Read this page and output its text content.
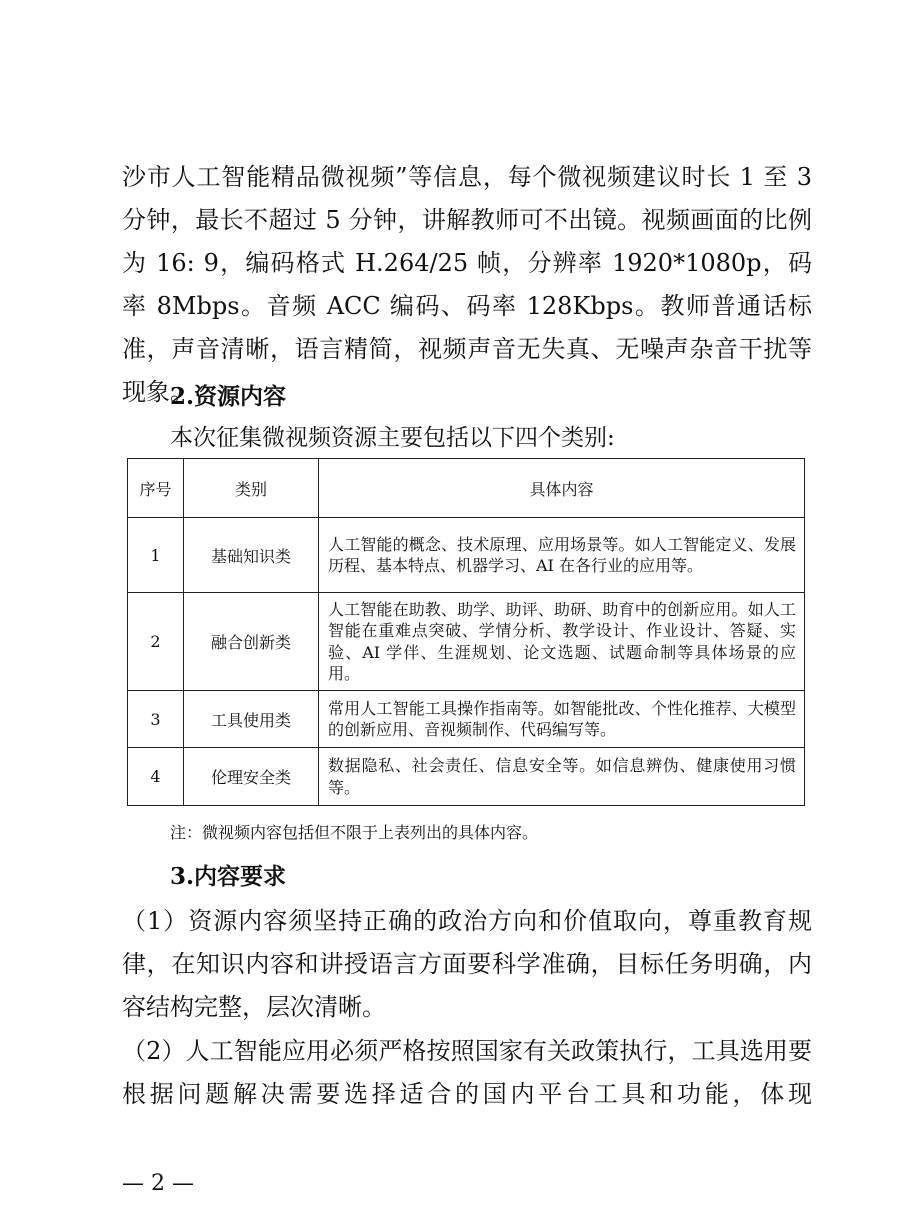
沙市人工智能精品微视频”等信息，每个微视频建议时长 1 至 3 分钟，最长不超过 5 分钟，讲解教师可不出镜。视频画面的比例为 16: 9，编码格式 H.264/25 帧，分辨率 1920*1080p，码率 8Mbps。音频 ACC 编码、码率 128Kbps。教师普通话标准，声音清晰，语言精简，视频声音无失真、无噪声杂音干扰等现象。

2.资源内容

本次征集微视频资源主要包括以下四个类别:

序号	类别	具体内容
1	基础知识类	人工智能的概念、技术原理、应用场景等。如人工智能定义、发展历程、基本特点、机器学习、AI 在各行业的应用等。
2	融合创新类	人工智能在助教、助学、助评、助研、助育中的创新应用。如人工智能在重难点突破、学情分析、教学设计、作业设计、答疑、实验、AI 学伴、生涯规划、论文选题、试题命制等具体场景的应用。
3	工具使用类	常用人工智能工具操作指南等。如智能批改、个性化推荐、大模型的创新应用、音视频制作、代码编写等。
4	伦理安全类	数据隐私、社会责任、信息安全等。如信息辨伪、健康使用习惯等。

注：微视频内容包括但不限于上表列出的具体内容。

3.内容要求

（1）资源内容须坚持正确的政治方向和价值取向，尊重教育规律，在知识内容和讲授语言方面要科学准确，目标任务明确，内容结构完整，层次清晰。

（2）人工智能应用必须严格按照国家有关政策执行，工具选用要根据问题解决需要选择适合的国内平台工具和功能，体现

— 2 —
